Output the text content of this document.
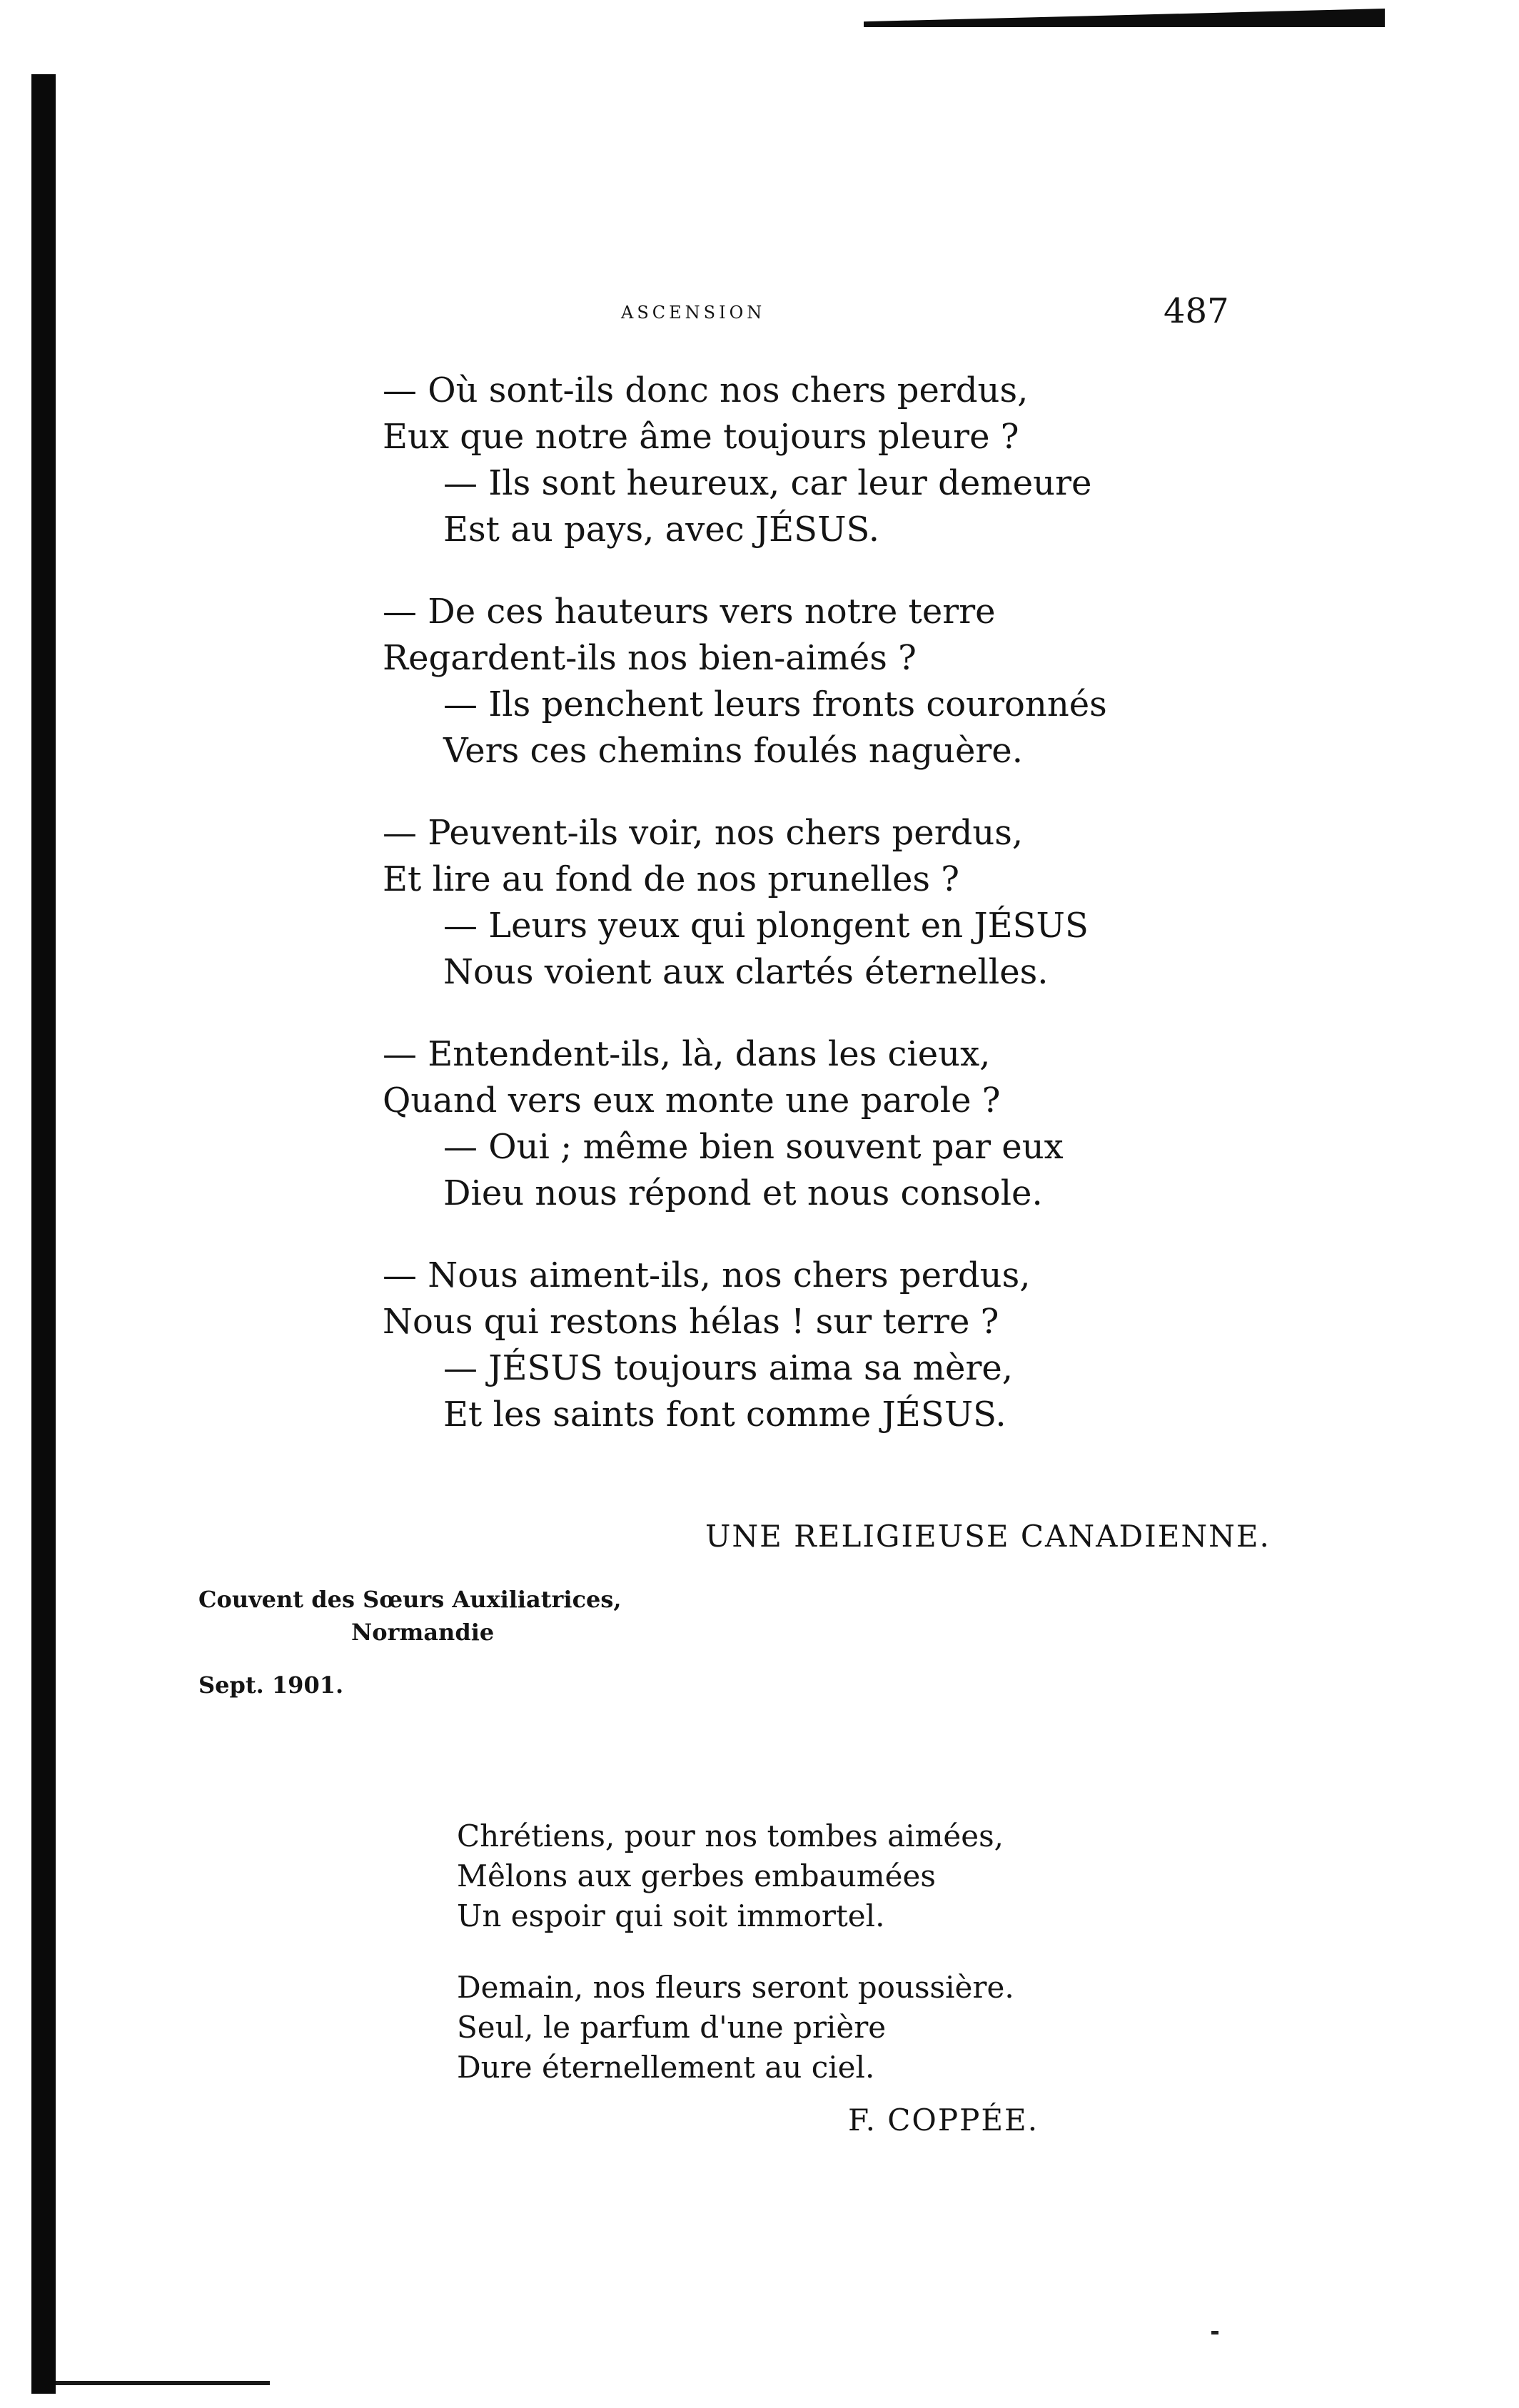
ascension	487
— Où sont-ils donc nos chers perdus,
Eux que notre âme toujours pleure ?
— Ils sont heureux, car leur demeure
Est au pays, avec JÉSUS.
— De ces hauteurs vers notre terre
Regardent-ils nos bien-aimés ?
— Ils penchent leurs fronts couronnés
Vers ces chemins foulés naguère.
— Peuvent-ils voir, nos chers perdus,
Et lire au fond de nos prunelles ?
— Leurs yeux qui plongent en JÉSUS
Nous voient aux clartés éternelles.
— Entendent-ils, là, dans les cieux,
Quand vers eux monte une parole ?
— Oui ; même bien souvent par eux
Dieu nous répond et nous console.
— Nous aiment-ils, nos chers perdus,
Nous qui restons hélas ! sur terre ?
— JÉSUS toujours aima sa mère,
Et les saints font comme JÉSUS.
UNE RELIGIEUSE CANADIENNE.
Couvent des Sœurs Auxiliatrices,
Normandie
Sept. 1901.
Chrétiens, pour nos tombes aimées,
Mêlons aux gerbes embaumées
Un espoir qui soit immortel.
Demain, nos fleurs seront poussière.
Seul, le parfum d'une prière
Dure éternellement au ciel.
F. COPPÉE.
